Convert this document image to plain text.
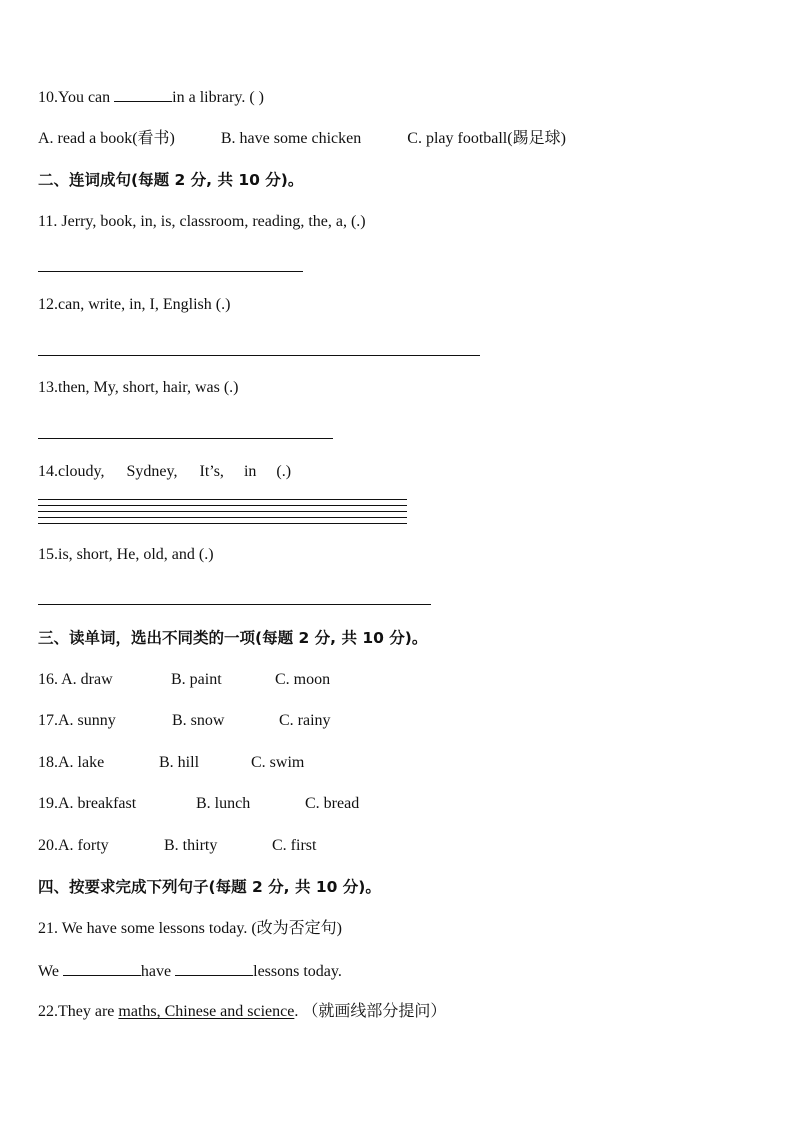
10.You can	in a library. ( )
A. read a book(看书)	B. have some chicken	C. play football(踢足球)
二、连词成句(每题 2 分, 共 10 分)。
11. Jerry, book, in, is, classroom, reading, the, a, (.)
12.can, write, in, I, English (.)
13.then, My, short, hair, was (.)
14.cloudy, Sydney, It’s, in (.)
15.is, short, He, old, and (.)
三、读单词，选出不同类的一项(每题 2 分, 共 10 分)。
16. A. draw	B. paint	C. moon
17.A. sunny	B. snow	C. rainy
18.A. lake	B. hill	C. swim
19.A. breakfast	B. lunch	C. bread
20.A. forty	B. thirty	C. first
四、按要求完成下列句子(每题 2 分, 共 10 分)。
21. We have some lessons today. (改为否定句)
We	have	lessons today.
22.They are maths, Chinese and science. （就画线部分提问）
